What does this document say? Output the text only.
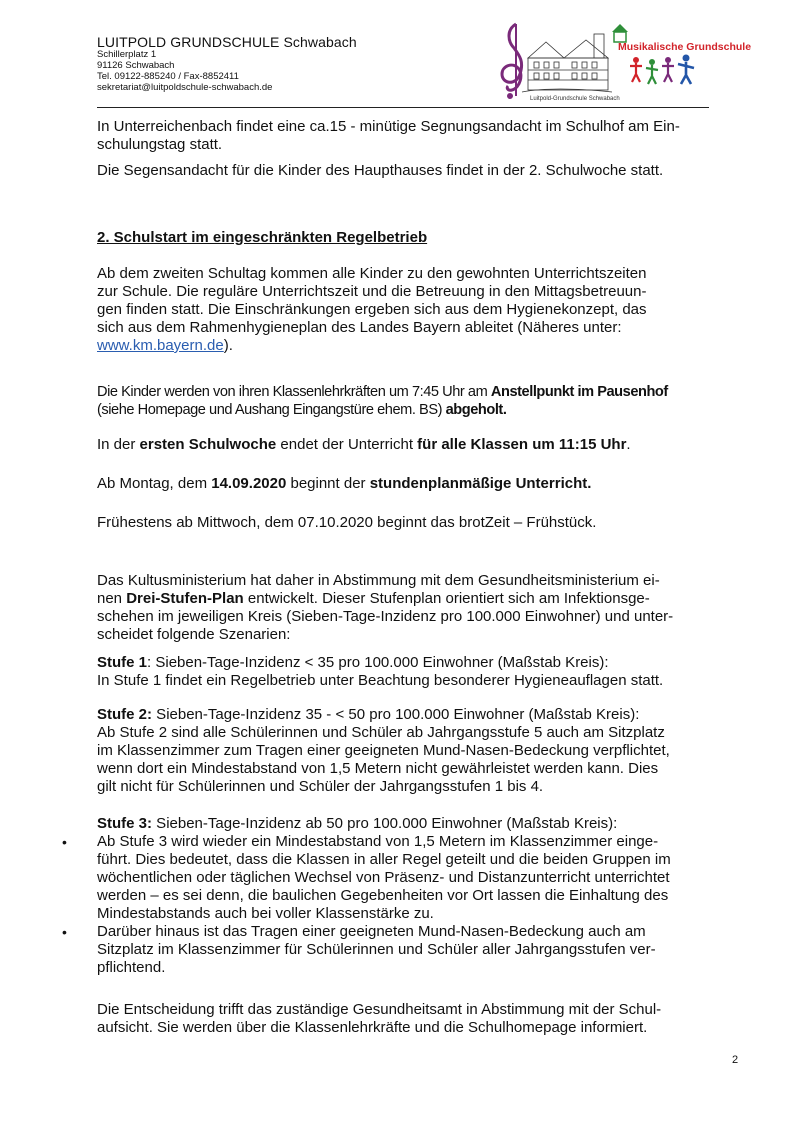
LUITPOLD GRUNDSCHULE Schwabach
Schillerplatz 1
91126 Schwabach
Tel. 09122-885240 / Fax-8852411
sekretariat@luitpoldschule-schwabach.de
Musikalische Grundschule
Luitpold-Grundschule Schwabach
In Unterreichenbach findet eine ca.15 - minütige Segnungsandacht im Schulhof am Ein-
schulungstag statt.
Die Segensandacht für die Kinder des Haupthauses findet in der 2. Schulwoche statt.
2. Schulstart im eingeschränkten Regelbetrieb
Ab dem zweiten Schultag kommen alle Kinder zu den gewohnten Unterrichtszeiten
zur Schule. Die reguläre Unterrichtszeit und die Betreuung in den Mittagsbetreuun-
gen finden statt. Die Einschränkungen ergeben sich aus dem Hygienekonzept, das
sich aus dem Rahmenhygieneplan des Landes Bayern ableitet (Näheres unter:
www.km.bayern.de).
Die Kinder werden von ihren Klassenlehrkräften um 7:45 Uhr am Anstellpunkt im Pausenhof
(siehe Homepage und Aushang Eingangstüre ehem. BS) abgeholt.
In der ersten Schulwoche endet der Unterricht für alle Klassen um 11:15 Uhr.
Ab Montag, dem 14.09.2020 beginnt der stundenplanmäßige Unterricht.
Frühestens ab Mittwoch, dem 07.10.2020 beginnt das brotZeit – Frühstück.
Das Kultusministerium hat daher in Abstimmung mit dem Gesundheitsministerium ei-
nen Drei-Stufen-Plan entwickelt. Dieser Stufenplan orientiert sich am Infektionsge-
schehen im jeweiligen Kreis (Sieben-Tage-Inzidenz pro 100.000 Einwohner) und unter-
scheidet folgende Szenarien:
Stufe 1: Sieben-Tage-Inzidenz < 35 pro 100.000 Einwohner (Maßstab Kreis):
In Stufe 1 findet ein Regelbetrieb unter Beachtung besonderer Hygieneauflagen statt.
Stufe 2: Sieben-Tage-Inzidenz 35 - < 50 pro 100.000 Einwohner (Maßstab Kreis):
Ab Stufe 2 sind alle Schülerinnen und Schüler ab Jahrgangsstufe 5 auch am Sitzplatz
im Klassenzimmer zum Tragen einer geeigneten Mund-Nasen-Bedeckung verpflichtet,
wenn dort ein Mindestabstand von 1,5 Metern nicht gewährleistet werden kann. Dies
gilt nicht für Schülerinnen und Schüler der Jahrgangsstufen 1 bis 4.
Stufe 3: Sieben-Tage-Inzidenz ab 50 pro 100.000 Einwohner (Maßstab Kreis):
Ab Stufe 3 wird wieder ein Mindestabstand von 1,5 Metern im Klassenzimmer einge-
führt. Dies bedeutet, dass die Klassen in aller Regel geteilt und die beiden Gruppen im
wöchentlichen oder täglichen Wechsel von Präsenz- und Distanzunterricht unterrichtet
werden – es sei denn, die baulichen Gegebenheiten vor Ort lassen die Einhaltung des
Mindestabstands auch bei voller Klassenstärke zu.
Darüber hinaus ist das Tragen einer geeigneten Mund-Nasen-Bedeckung auch am
Sitzplatz im Klassenzimmer für Schülerinnen und Schüler aller Jahrgangsstufen ver-
pflichtend.
•
•
Die Entscheidung trifft das zuständige Gesundheitsamt in Abstimmung mit der Schul-
aufsicht. Sie werden über die Klassenlehrkräfte und die Schulhomepage informiert.
2
